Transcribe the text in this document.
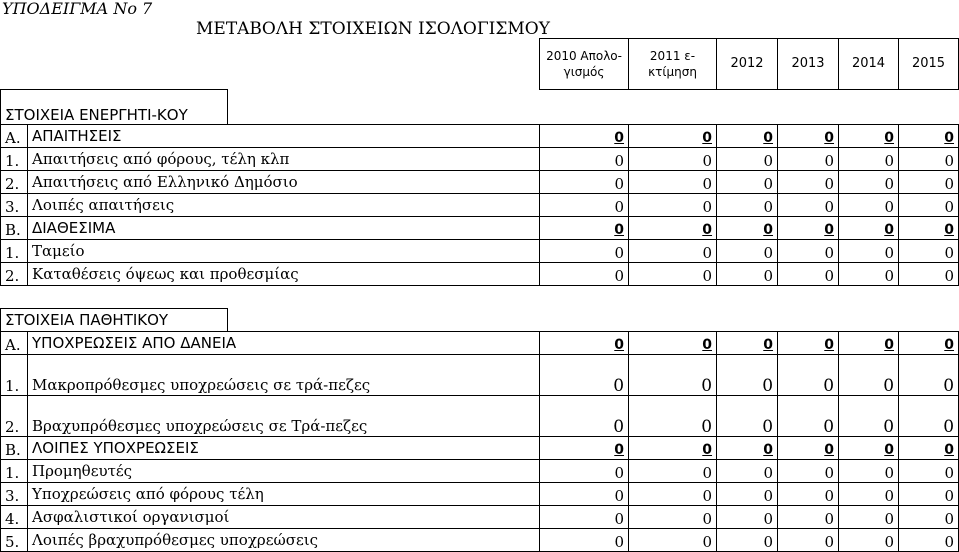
ΥΠΟΔΕΙΓΜΑ Νο 7
ΜΕΤΑΒΟΛΗ ΣΤΟΙΧΕΙΩΝ ΙΣΟΛΟΓΙΣΜΟΥ
			2010 Απολο-γισμός	2011 ε-κτίμηση	2012	2013	2014	2015
ΣΤΟΙΧΕΙΑ ΕΝΕΡΓΗΤΙ-ΚΟΥ								
Α.	ΑΠΑΙΤΗΣΕΙΣ		0	0	0	0	0	0
1.	Απαιτήσεις από φόρους, τέλη κλπ		0	0	0	0	0	0
2.	Απαιτήσεις από Ελληνικό Δημόσιο		0	0	0	0	0	0
3.	Λοιπές απαιτήσεις		0	0	0	0	0	0
Β.	ΔΙΑΘΕΣΙΜΑ		0	0	0	0	0	0
1.	Ταμείο		0	0	0	0	0	0
2.	Καταθέσεις όψεως και προθεσμίας		0	0	0	0	0	0

ΣΤΟΙΧΕΙΑ ΠΑΘΗΤΙΚΟΥ								
Α.	ΥΠΟΧΡΕΩΣΕΙΣ ΑΠΟ ΔΑΝΕΙΑ		0	0	0	0	0	0
1.	Μακροπρόθεσμες υποχρεώσεις σε τρά-πεζες		0	0	0	0	0	0
2.	Βραχυπρόθεσμες υποχρεώσεις σε Τρά-πεζες		0	0	0	0	0	0
Β.	ΛΟΙΠΕΣ ΥΠΟΧΡΕΩΣΕΙΣ		0	0	0	0	0	0
1.	Προμηθευτές		0	0	0	0	0	0
3.	Υποχρεώσεις από φόρους τέλη		0	0	0	0	0	0
4.	Ασφαλιστικοί οργανισμοί		0	0	0	0	0	0
5.	Λοιπές βραχυπρόθεσμες υποχρεώσεις		0	0	0	0	0	0
